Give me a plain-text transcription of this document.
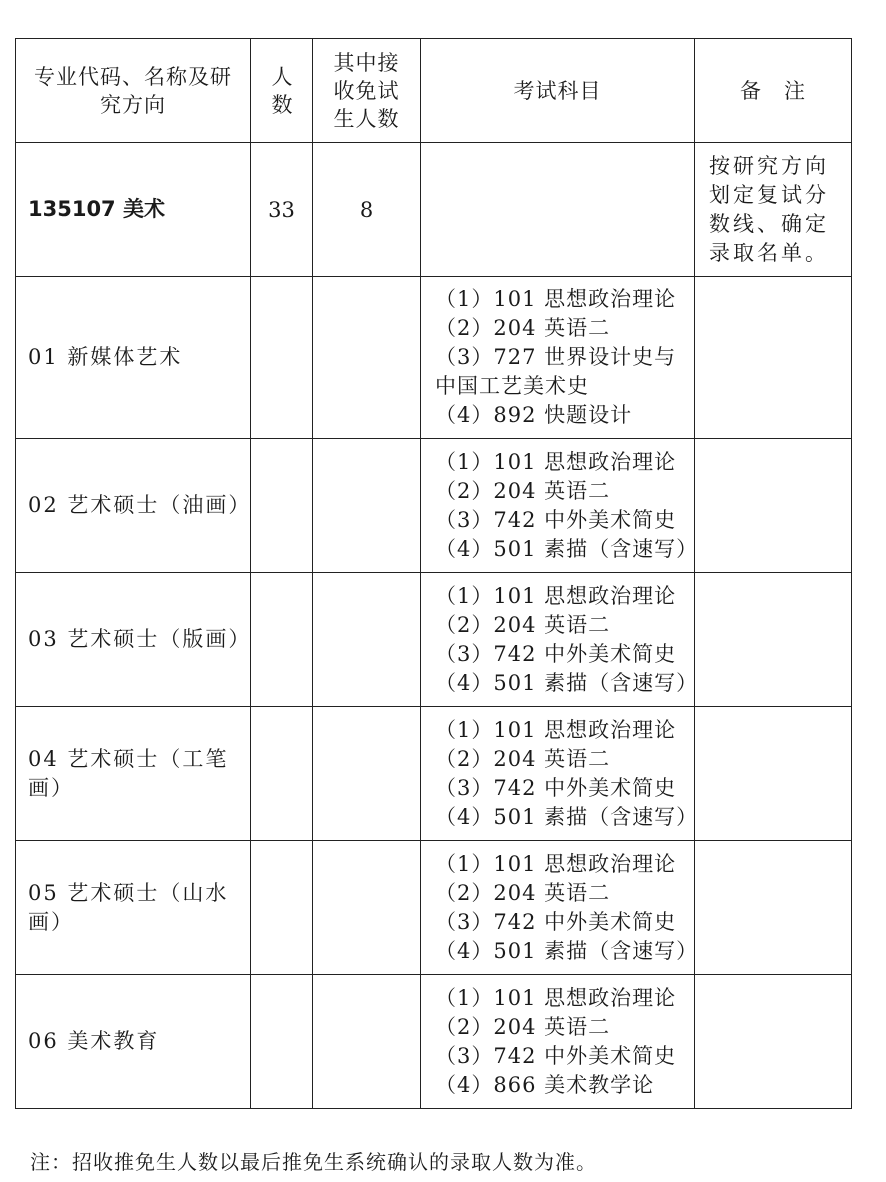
专业代码、名称及研究方向	人数	其中接收免试生人数	考试科目	备　注
135107 美术	33	8		按研究方向划定复试分数线、确定录取名单。
01 新媒体艺术			（1）101 思想政治理论
（2）204 英语二
（3）727 世界设计史与中国工艺美术史
（4）892 快题设计	

02 艺术硕士（油画）			（1）101 思想政治理论
（2）204 英语二
（3）742 中外美术简史
（4）501 素描（含速写）	

03 艺术硕士（版画）			（1）101 思想政治理论
（2）204 英语二
（3）742 中外美术简史
（4）501 素描（含速写）	

04 艺术硕士（工笔画）			（1）101 思想政治理论
（2）204 英语二
（3）742 中外美术简史
（4）501 素描（含速写）	

05 艺术硕士（山水画）			（1）101 思想政治理论
（2）204 英语二
（3）742 中外美术简史
（4）501 素描（含速写）	

06 美术教育			（1）101 思想政治理论
（2）204 英语二
（3）742 中外美术简史
（4）866 美术教学论	

注：招收推免生人数以最后推免生系统确认的录取人数为准。
